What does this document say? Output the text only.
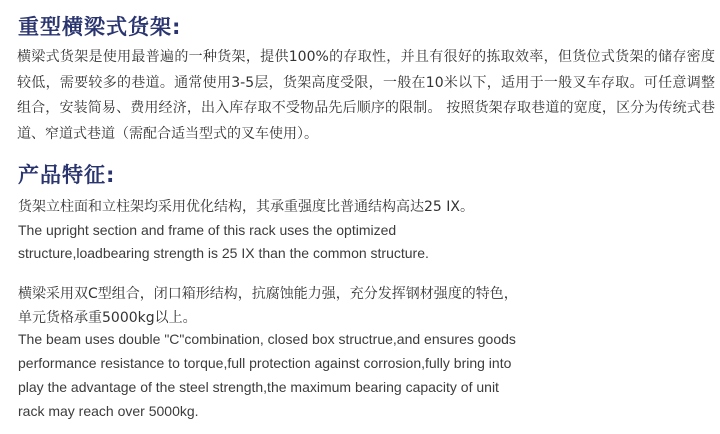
重型横梁式货架:
横梁式货架是使用最普遍的一种货架，提供100%的存取性，并且有很好的拣取效率，但货位式货架的储存密度较低，需要较多的巷道。通常使用3-5层，货架高度受限，一般在10米以下，适用于一般叉车存取。可任意调整组合，安装简易、费用经济，出入库存取不受物品先后顺序的限制。 按照货架存取巷道的宽度，区分为传统式巷道、窄道式巷道（需配合适当型式的叉车使用）。
产品特征:
货架立柱面和立柱架均采用优化结构，其承重强度比普通结构高达25 IX。
The upright section and frame of this rack uses the optimized
structure,loadbearing strength is 25 IX than the common structure.
横梁采用双C型组合，闭口箱形结构，抗腐蚀能力强，充分发挥钢材强度的特色，
单元货格承重5000kg以上。
The beam uses double "C"combination, closed box structrue,and ensures goods
performance resistance to torque,full protection against corrosion,fully bring into
play the advantage of the steel strength,the maximum bearing capacity of unit
rack may reach over 5000kg.
